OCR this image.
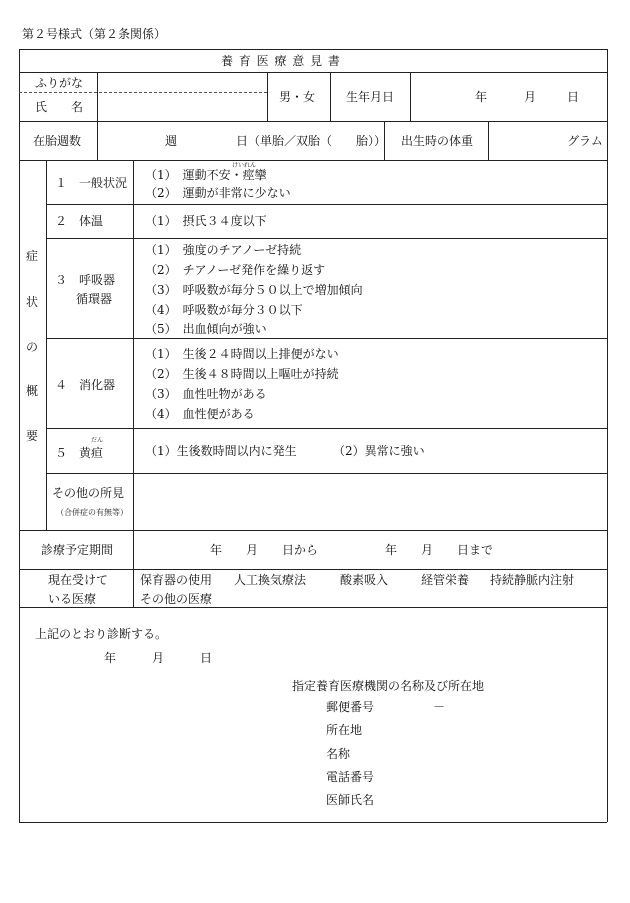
第２号様式（第２条関係）
養 育 医 療 意 見 書
ふりがな
氏　　名
男・女	生年月日	年	月	日
在胎週数	週	日（単胎／双胎（　　胎）） 出生時の体重	グラム
症
状
の
概
要
１　一般状況
けいれん
（1）　運動不安・痙攣
（2）　運動が非常に少ない
２　体温	（1）　摂氏３４度以下
３　呼吸器
循環器
（1）　強度のチアノーゼ持続
（2）　チアノーゼ発作を繰り返す
（3）　呼吸数が毎分５０以上で増加傾向
（4）　呼吸数が毎分３０以下
（5）　出血傾向が強い
４　消化器
（1）　生後２４時間以上排便がない
（2）　生後４８時間以上嘔吐が持続
（3）　血性吐物がある
（4）　血性便がある
だん
５　黄疸	（1）生後数時間以内に発生	（2）異常に強い
その他の所見
（合併症の有無等）
診療予定期間	年　　月　　日から	年　　月　　日まで
現在受けて
いる医療
保育器の使用 人工換気療法	酸素吸入	経管栄養 持続静脈内注射
その他の医療
上記のとおり診断する。
年　　　月　　　日
指定養育医療機関の名称及び所在地
郵便番号	－
所在地
名称
電話番号
医師氏名
